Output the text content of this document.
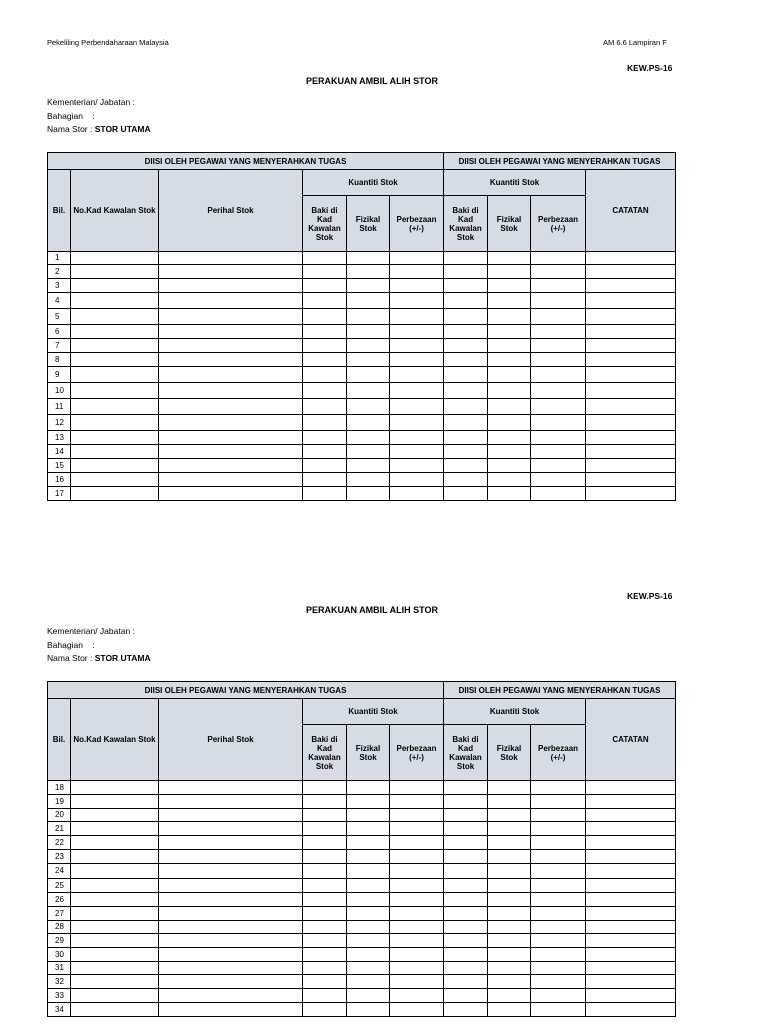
Pekeliling Perbendaharaan Malaysia	AM 6.6 Lampiran F
KEW.PS-16
PERAKUAN AMBIL ALIH STOR
Kementerian/ Jabatan :
Bahagian :
Nama Stor : STOR UTAMA
DIISI OLEH PEGAWAI YANG MENYERAHKAN TUGAS						DIISI OLEH PEGAWAI YANG MENYERAHKAN TUGAS			
Bil.	No.Kad Kawalan Stok	Perihal Stok	Kuantiti Stok			Kuantiti Stok			CATATAN
			Baki di Kad Kawalan Stok	Fizikal Stok	Perbezaan (+/-)	Baki di Kad Kawalan Stok	Fizikal Stok	Perbezaan (+/-)	
1									
2									
3									
4									
5									
6									
7									
8									
9									
10									
11									
12									
13									
14									
15									
16									
17									
KEW.PS-16
PERAKUAN AMBIL ALIH STOR
Kementerian/ Jabatan :
Bahagian :
Nama Stor : STOR UTAMA
DIISI OLEH PEGAWAI YANG MENYERAHKAN TUGAS						DIISI OLEH PEGAWAI YANG MENYERAHKAN TUGAS			
Bil.	No.Kad Kawalan Stok	Perihal Stok	Kuantiti Stok			Kuantiti Stok			CATATAN
			Baki di Kad Kawalan Stok	Fizikal Stok	Perbezaan (+/-)	Baki di Kad Kawalan Stok	Fizikal Stok	Perbezaan (+/-)	
18									
19									
20									
21									
22									
23									
24									
25									
26									
27									
28									
29									
30									
31									
32									
33									
34									
